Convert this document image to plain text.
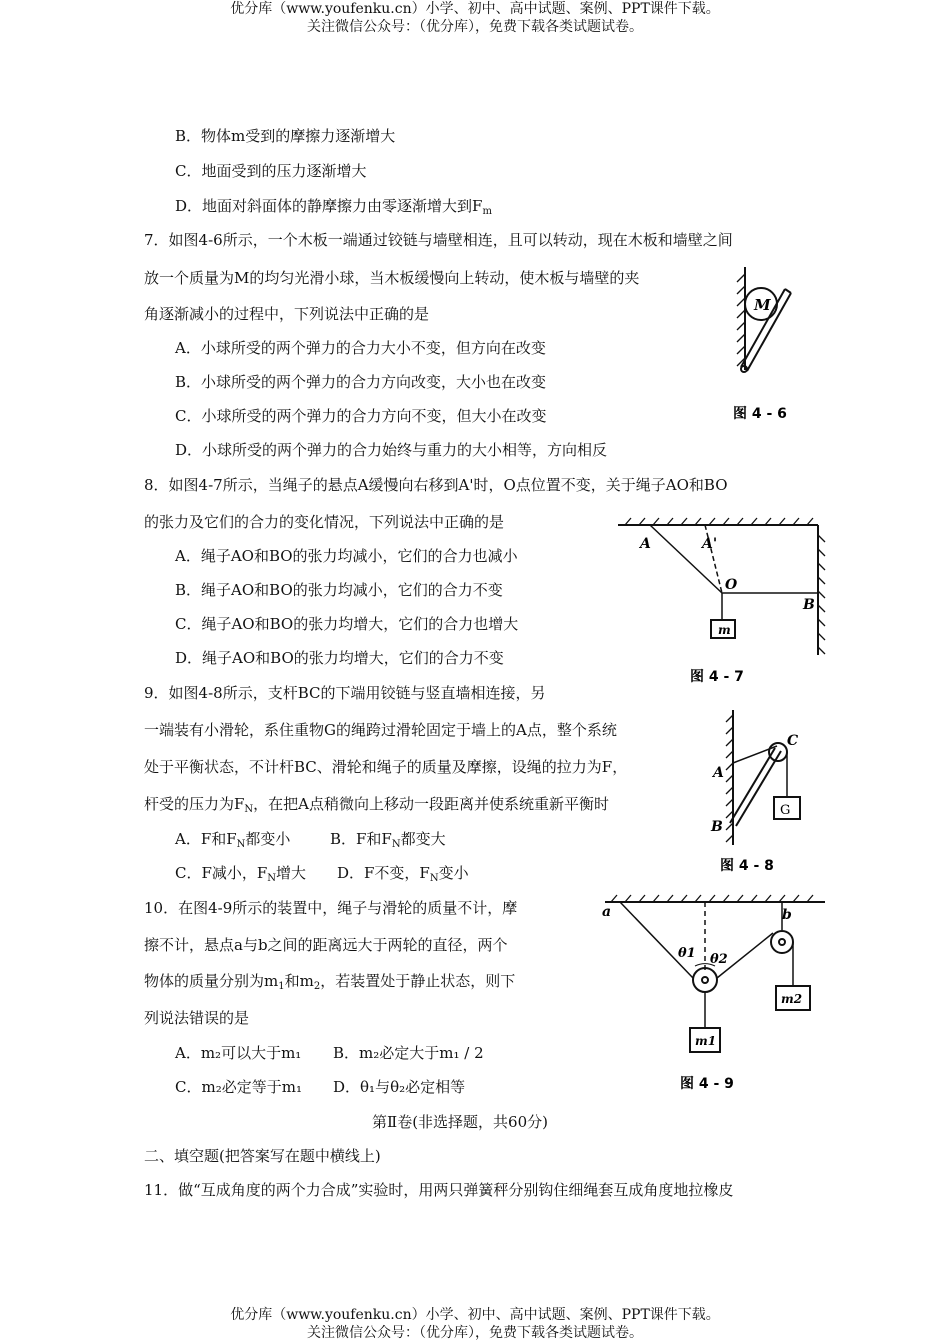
优分库（www.youfenku.cn）小学、初中、高中试题、案例、PPT课件下载。
关注微信公众号：（优分库），免费下载各类试题试卷。
B．物体m受到的摩擦力逐渐增大
C．地面受到的压力逐渐增大
D．地面对斜面体的静摩擦力由零逐渐增大到$F_m$
7．如图4-6所示，一个木板一端通过铰链与墙壁相连，且可以转动，现在木板和墙壁之间
放一个质量为M的均匀光滑小球，当木板缓慢向上转动，使木板与墙壁的夹
角逐渐减小的过程中，下列说法中正确的是
A．小球所受的两个弹力的合力大小不变，但方向在改变
B．小球所受的两个弹力的合力方向改变，大小也在改变
C．小球所受的两个弹力的合力方向不变，但大小在改变
D．小球所受的两个弹力的合力始终与重力的大小相等，方向相反
M
图 4 - 6
8．如图4-7所示，当绳子的悬点A缓慢向右移到A'时，O点位置不变，关于绳子AO和BO
的张力及它们的合力的变化情况，下列说法中正确的是
A．绳子AO和BO的张力均减小，它们的合力也减小
B．绳子AO和BO的张力均减小，它们的合力不变
C．绳子AO和BO的张力均增大，它们的合力也增大
D．绳子AO和BO的张力均增大，它们的合力不变
A	A'
O
B
m
图 4 - 7
9．如图4-8所示，支杆BC的下端用铰链与竖直墙相连接，另
一端装有小滑轮，系住重物G的绳跨过滑轮固定于墙上的A点，整个系统
处于平衡状态，不计杆BC、滑轮和绳子的质量及摩擦，设绳的拉力为F，
杆受的压力为$F_N$，在把A点稍微向上移动一段距离并使系统重新平衡时
A．F和$F_N$都变小	B．F和$F_N$都变大
C．F减小，$F_N$增大 D．F不变，$F_N$变小
C
A
B
G
图 4 - 8
10．在图4-9所示的装置中，绳子与滑轮的质量不计，摩
擦不计，悬点a与b之间的距离远大于两轮的直径，两个
物体的质量分别为$m_1$和$m_2$，若装置处于静止状态，则下
列说法错误的是
A．m₂可以大于m₁ B．m₂必定大于m₁ / 2
C．m₂必定等于m₁ D．θ₁与θ₂必定相等
a	b
θ1 θ2
m2
m1
图 4 - 9
第Ⅱ卷(非选择题，共60分)
二、填空题(把答案写在题中横线上)
11．做“互成角度的两个力合成”实验时，用两只弹簧秤分别钩住细绳套互成角度地拉橡皮
优分库（www.youfenku.cn）小学、初中、高中试题、案例、PPT课件下载。
关注微信公众号：（优分库），免费下载各类试题试卷。
